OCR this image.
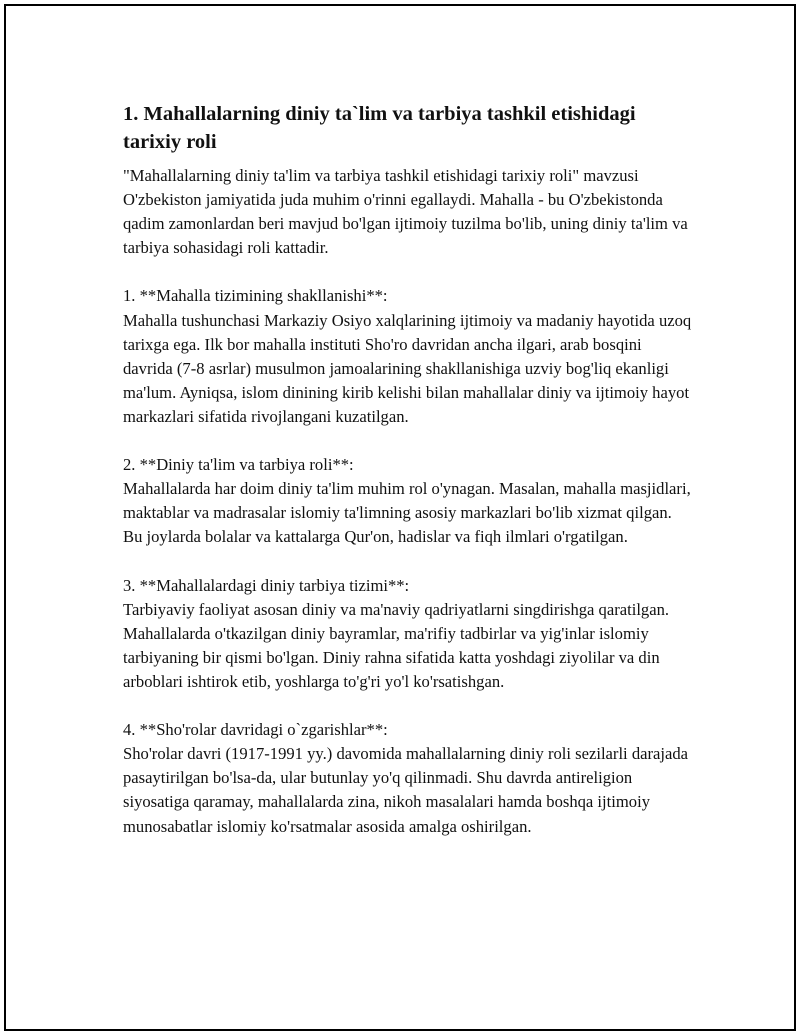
1. Mahallalarning diniy ta`lim va tarbiya tashkil etishidagi tarixiy roli
"Mahallalarning diniy ta'lim va tarbiya tashkil etishidagi tarixiy roli" mavzusi O'zbekiston jamiyatida juda muhim o'rinni egallaydi. Mahalla - bu O'zbekistonda qadim zamonlardan beri mavjud bo'lgan ijtimoiy tuzilma bo'lib, uning diniy ta'lim va tarbiya sohasidagi roli kattadir.

1. **Mahalla tizimining shakllanishi**:
Mahalla tushunchasi Markaziy Osiyo xalqlarining ijtimoiy va madaniy hayotida uzoq tarixga ega. Ilk bor mahalla instituti Sho'ro davridan ancha ilgari, arab bosqini davrida (7-8 asrlar) musulmon jamoalarining shakllanishiga uzviy bog'liq ekanligi ma'lum. Ayniqsa, islom dinining kirib kelishi bilan mahallalar diniy va ijtimoiy hayot markazlari sifatida rivojlangani kuzatilgan.

2. **Diniy ta'lim va tarbiya roli**:
Mahallalarda har doim diniy ta'lim muhim rol o'ynagan. Masalan, mahalla masjidlari, maktablar va madrasalar islomiy ta'limning asosiy markazlari bo'lib xizmat qilgan. Bu joylarda bolalar va kattalarga Qur'on, hadislar va fiqh ilmlari o'rgatilgan.

3. **Mahallalardagi diniy tarbiya tizimi**:
Tarbiyaviy faoliyat asosan diniy va ma'naviy qadriyatlarni singdirishga qaratilgan. Mahallalarda o'tkazilgan diniy bayramlar, ma'rifiy tadbirlar va yig'inlar islomiy tarbiyaning bir qismi bo'lgan. Diniy rahna sifatida katta yoshdagi ziyolilar va din arboblari ishtirok etib, yoshlarga to'g'ri yo'l ko'rsatishgan.

4. **Sho'rolar davridagi o`zgarishlar**:
Sho'rolar davri (1917-1991 yy.) davomida mahallalarning diniy roli sezilarli darajada pasaytirilgan bo'lsa-da, ular butunlay yo'q qilinmadi. Shu davrda antireligion siyosatiga qaramay, mahallalarda zina, nikoh masalalari hamda boshqa ijtimoiy munosabatlar islomiy ko'rsatmalar asosida amalga oshirilgan.
